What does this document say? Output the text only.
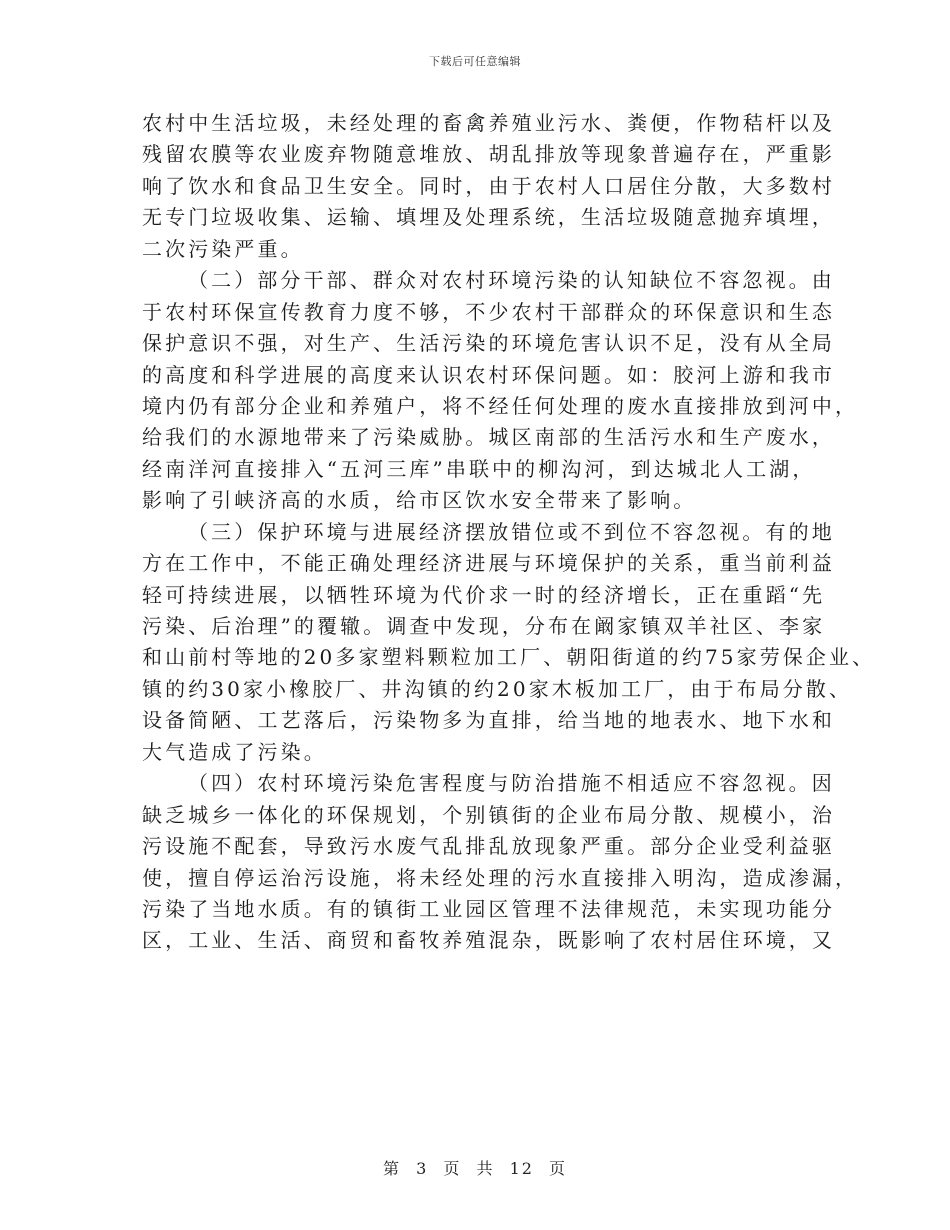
下载后可任意编辑
农村中生活垃圾，未经处理的畜禽养殖业污水、粪便，作物秸杆以及
残留农膜等农业废弃物随意堆放、胡乱排放等现象普遍存在，严重影
响了饮水和食品卫生安全。同时，由于农村人口居住分散，大多数村
无专门垃圾收集、运输、填埋及处理系统，生活垃圾随意抛弃填埋，
二次污染严重。
（二）部分干部、群众对农村环境污染的认知缺位不容忽视。由
于农村环保宣传教育力度不够，不少农村干部群众的环保意识和生态
保护意识不强，对生产、生活污染的环境危害认识不足，没有从全局
的高度和科学进展的高度来认识农村环保问题。如：胶河上游和我市
境内仍有部分企业和养殖户，将不经任何处理的废水直接排放到河中，
给我们的水源地带来了污染威胁。城区南部的生活污水和生产废水，
经南洋河直接排入“五河三库”串联中的柳沟河，到达城北人工湖，
影响了引峡济高的水质，给市区饮水安全带来了影响。
（三）保护环境与进展经济摆放错位或不到位不容忽视。有的地
方在工作中，不能正确处理经济进展与环境保护的关系，重当前利益
轻可持续进展，以牺牲环境为代价求一时的经济增长，正在重蹈“先
污染、后治理”的覆辙。调查中发现，分布在阚家镇双羊社区、李家
和山前村等地的20多家塑料颗粒加工厂、朝阳街道的约75家劳保企业、
镇的约30家小橡胶厂、井沟镇的约20家木板加工厂，由于布局分散、
设备简陋、工艺落后，污染物多为直排，给当地的地表水、地下水和
大气造成了污染。
（四）农村环境污染危害程度与防治措施不相适应不容忽视。因
缺乏城乡一体化的环保规划，个别镇街的企业布局分散、规模小，治
污设施不配套，导致污水废气乱排乱放现象严重。部分企业受利益驱
使，擅自停运治污设施，将未经处理的污水直接排入明沟，造成渗漏，
污染了当地水质。有的镇街工业园区管理不法律规范，未实现功能分
区，工业、生活、商贸和畜牧养殖混杂，既影响了农村居住环境，又
第 3 页 共 12 页
